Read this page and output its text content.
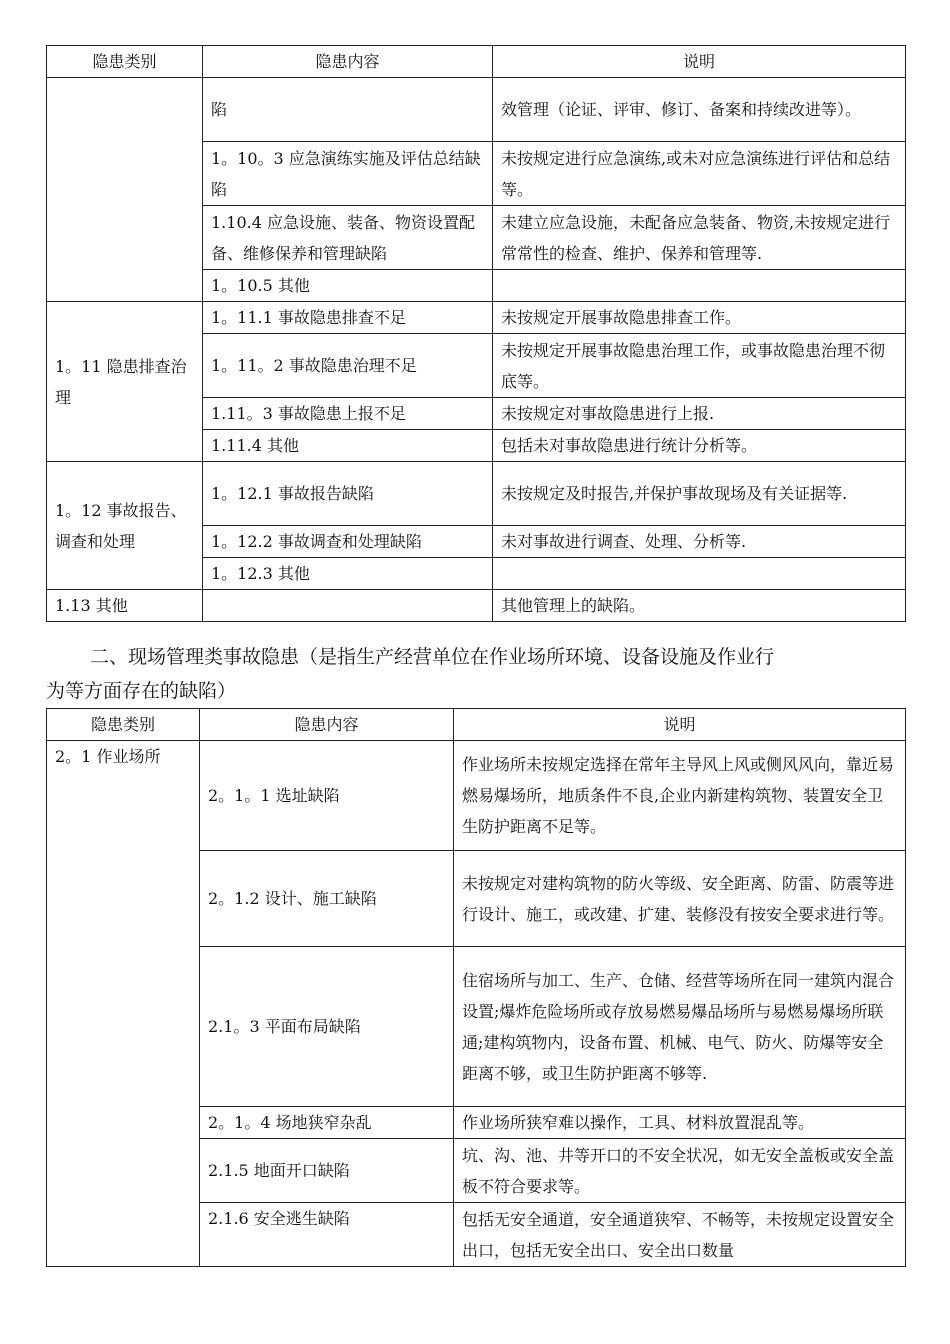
隐患类别	隐患内容	说明
	陷	效管理（论证、评审、修订、备案和持续改进等）。
	1。10。3 应急演练实施及评估总结缺陷	未按规定进行应急演练,或未对应急演练进行评估和总结等。
	1.10.4 应急设施、装备、物资设置配备、维修保养和管理缺陷	未建立应急设施，未配备应急装备、物资,未按规定进行常常性的检查、维护、保养和管理等.
	1。10.5 其他	
1。11 隐患排查治理	1。11.1 事故隐患排查不足	未按规定开展事故隐患排查工作。
	1。11。2 事故隐患治理不足	未按规定开展事故隐患治理工作，或事故隐患治理不彻底等。
	1.11。3 事故隐患上报不足	未按规定对事故隐患进行上报.
	1.11.4 其他	包括未对事故隐患进行统计分析等。
1。12 事故报告、调查和处理	1。12.1 事故报告缺陷	未按规定及时报告,并保护事故现场及有关证据等.
	1。12.2 事故调查和处理缺陷	未对事故进行调查、处理、分析等.
	1。12.3 其他	
1.13 其他		其他管理上的缺陷。
二、现场管理类事故隐患（是指生产经营单位在作业场所环境、设备设施及作业行
为等方面存在的缺陷）
隐患类别	隐患内容	说明
2。1 作业场所	2。1。1 选址缺陷	作业场所未按规定选择在常年主导风上风或侧风风向，靠近易燃易爆场所，地质条件不良,企业内新建构筑物、装置安全卫生防护距离不足等。
	2。1.2 设计、施工缺陷	未按规定对建构筑物的防火等级、安全距离、防雷、防震等进行设计、施工，或改建、扩建、装修没有按安全要求进行等。
	2.1。3 平面布局缺陷	住宿场所与加工、生产、仓储、经营等场所在同一建筑内混合设置;爆炸危险场所或存放易燃易爆品场所与易燃易爆场所联通;建构筑物内，设备布置、机械、电气、防火、防爆等安全距离不够，或卫生防护距离不够等.
	2。1。4 场地狭窄杂乱	作业场所狭窄难以操作，工具、材料放置混乱等。
	2.1.5 地面开口缺陷	坑、沟、池、井等开口的不安全状况，如无安全盖板或安全盖板不符合要求等。
	2.1.6 安全逃生缺陷	包括无安全通道，安全通道狭窄、不畅等，未按规定设置安全出口，包括无安全出口、安全出口数量
